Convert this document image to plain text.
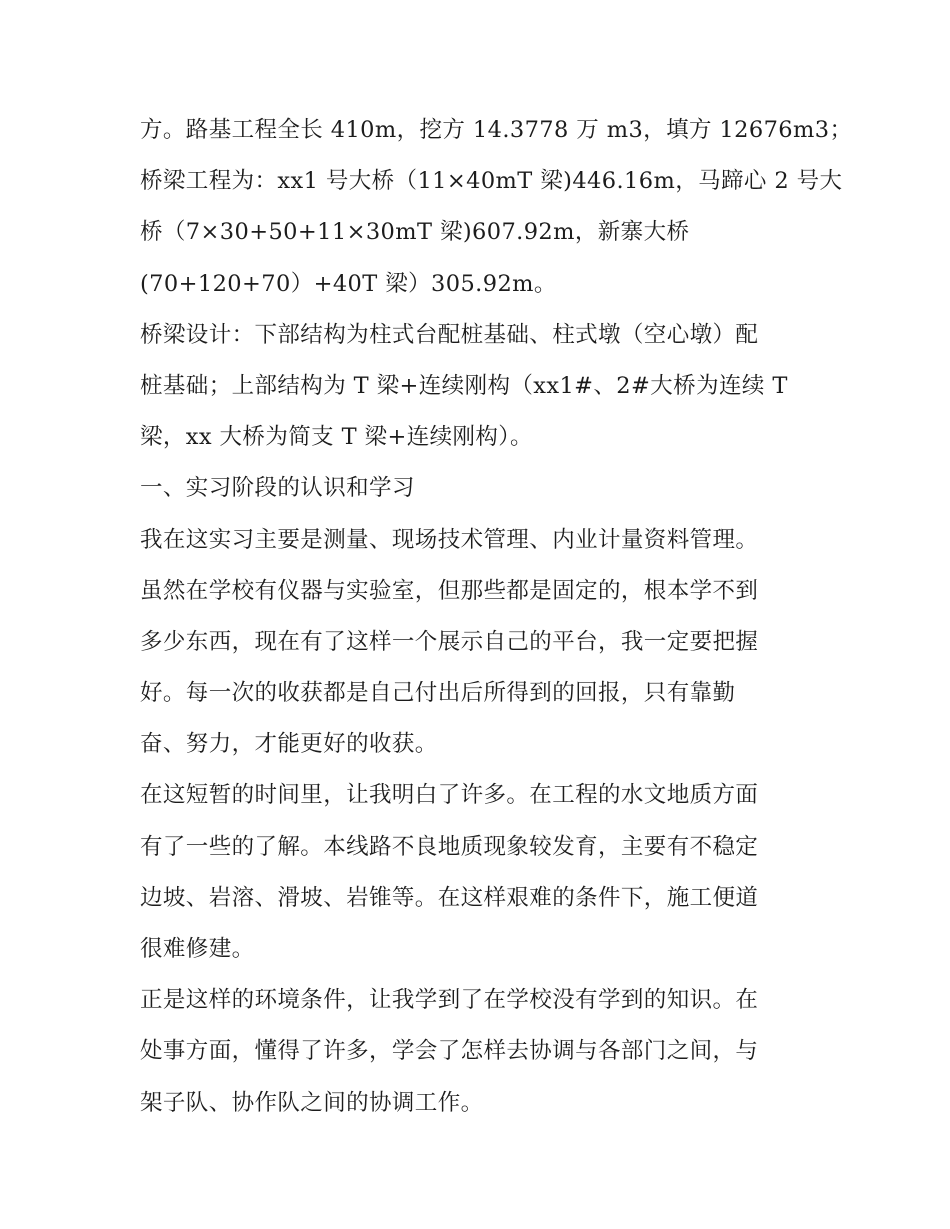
方。路基工程全长 410m，挖方 14.3778 万 m3，填方 12676m3；
桥梁工程为：xx1 号大桥（11×40mT 梁)446.16m，马蹄心 2 号大
桥（7×30+50+11×30mT 梁)607.92m，新寨大桥
(70+120+70）+40T 梁）305.92m。
桥梁设计：下部结构为柱式台配桩基础、柱式墩（空心墩）配
桩基础；上部结构为 T 梁+连续刚构（xx1#、2#大桥为连续 T
梁，xx 大桥为简支 T 梁+连续刚构）。
一、实习阶段的认识和学习
我在这实习主要是测量、现场技术管理、内业计量资料管理。
虽然在学校有仪器与实验室，但那些都是固定的，根本学不到
多少东西，现在有了这样一个展示自己的平台，我一定要把握
好。每一次的收获都是自己付出后所得到的回报，只有靠勤
奋、努力，才能更好的收获。
在这短暂的时间里，让我明白了许多。在工程的水文地质方面
有了一些的了解。本线路不良地质现象较发育，主要有不稳定
边坡、岩溶、滑坡、岩锥等。在这样艰难的条件下，施工便道
很难修建。
正是这样的环境条件，让我学到了在学校没有学到的知识。在
处事方面，懂得了许多，学会了怎样去协调与各部门之间，与
架子队、协作队之间的协调工作。
